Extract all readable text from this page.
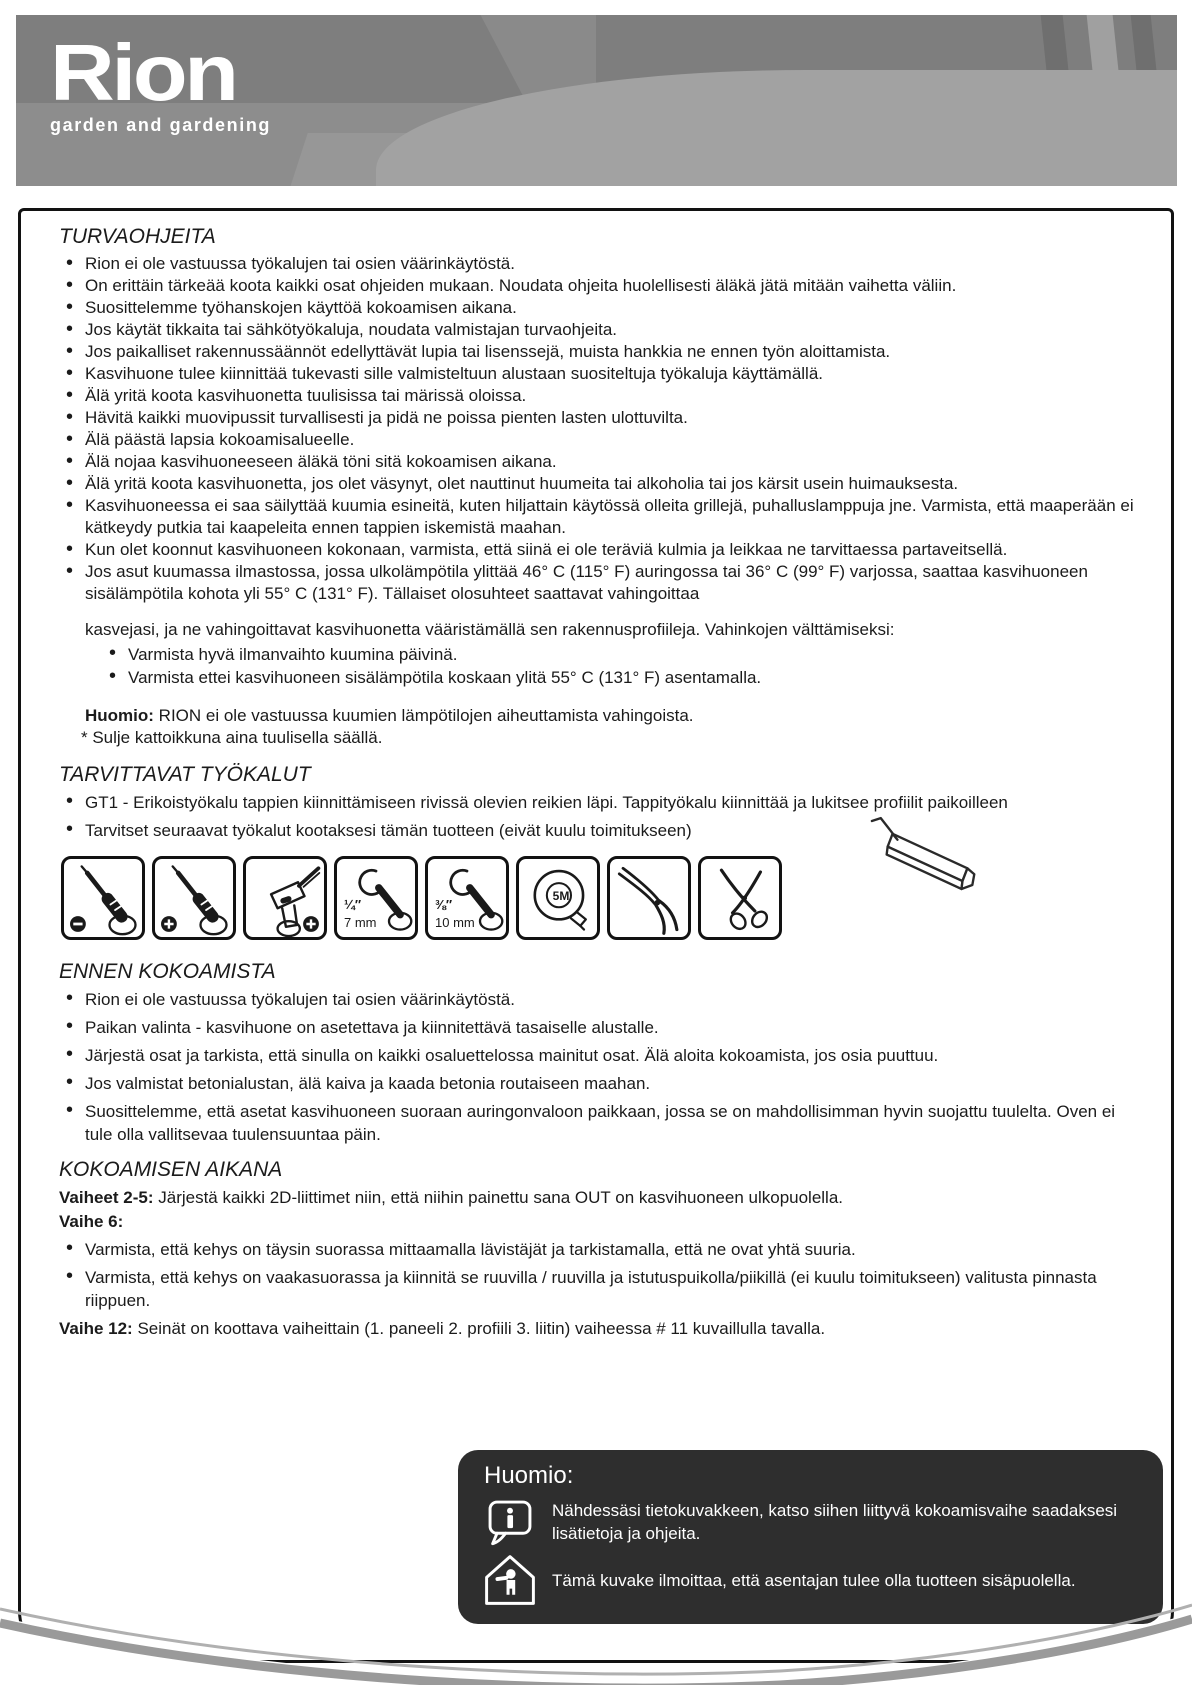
Rion
garden and gardening
TURVAOHJEITA
• Rion ei ole vastuussa työkalujen tai osien väärinkäytöstä.
• On erittäin tärkeää koota kaikki osat ohjeiden mukaan. Noudata ohjeita huolellisesti äläkä jätä mitään vaihetta väliin.
• Suosittelemme työhanskojen käyttöä kokoamisen aikana.
• Jos käytät tikkaita tai sähkötyökaluja, noudata valmistajan turvaohjeita.
• Jos paikalliset rakennussäännöt edellyttävät lupia tai lisenssejä, muista hankkia ne ennen työn aloittamista.
• Kasvihuone tulee kiinnittää tukevasti sille valmisteltuun alustaan suositeltuja työkaluja käyttämällä.
• Älä yritä koota kasvihuonetta tuulisissa tai märissä oloissa.
• Hävitä kaikki muovipussit turvallisesti ja pidä ne poissa pienten lasten ulottuvilta.
• Älä päästä lapsia kokoamisalueelle.
• Älä nojaa kasvihuoneeseen äläkä töni sitä kokoamisen aikana.
• Älä yritä koota kasvihuonetta, jos olet väsynyt, olet nauttinut huumeita tai alkoholia tai jos kärsit usein huimauksesta.
• Kasvihuoneessa ei saa säilyttää kuumia esineitä, kuten hiljattain käytössä olleita grillejä, puhalluslamppuja jne. Varmista, että maaperään ei kätkeydy putkia tai kaapeleita ennen tappien iskemistä maahan.
• Kun olet koonnut kasvihuoneen kokonaan, varmista, että siinä ei ole teräviä kulmia ja leikkaa ne tarvittaessa partaveitsellä.
• Jos asut kuumassa ilmastossa, jossa ulkolämpötila ylittää 46° C (115° F) auringossa tai 36° C (99° F) varjossa, saattaa kasvihuoneen sisälämpötila kohota yli 55° C (131° F). Tällaiset olosuhteet saattavat vahingoittaa

kasvejasi, ja ne vahingoittavat kasvihuonetta vääristämällä sen rakennusprofiileja. Vahinkojen välttämiseksi:

• Varmista hyvä ilmanvaihto kuumina päivinä.
• Varmista ettei kasvihuoneen sisälämpötila koskaan ylitä 55° C (131° F) asentamalla.

Huomio: RION ei ole vastuussa kuumien lämpötilojen aiheuttamista vahingoista.

* Sulje kattoikkuna aina tuulisella säällä.

TARVITTAVAT TYÖKALUT
• GT1 - Erikoistyökalu tappien kiinnittämiseen rivissä olevien reikien läpi. Tappityökalu kiinnittää ja lukitsee profiilit paikoilleen
• Tarvitset seuraavat työkalut kootaksesi tämän tuotteen (eivät kuulu toimitukseen)
¼″
7 mm
⅜″
10 mm
5M
ENNEN KOKOAMISTA
• Rion ei ole vastuussa työkalujen tai osien väärinkäytöstä.
• Paikan valinta - kasvihuone on asetettava ja kiinnitettävä tasaiselle alustalle.
• Järjestä osat ja tarkista, että sinulla on kaikki osaluettelossa mainitut osat. Älä aloita kokoamista, jos osia puuttuu.
• Jos valmistat betonialustan, älä kaiva ja kaada betonia routaiseen maahan.
• Suosittelemme, että asetat kasvihuoneen suoraan auringonvaloon paikkaan, jossa se on mahdollisimman hyvin suojattu tuulelta. Oven ei tule olla vallitsevaa tuulensuuntaa päin.
KOKOAMISEN AIKANA

Vaiheet 2-5: Järjestä kaikki 2D-liittimet niin, että niihin painettu sana OUT on kasvihuoneen ulkopuolella.

Vaihe 6:

• Varmista, että kehys on täysin suorassa mittaamalla lävistäjät ja tarkistamalla, että ne ovat yhtä suuria.
• Varmista, että kehys on vaakasuorassa ja kiinnitä se ruuvilla / ruuvilla ja istutuspuikolla/piikillä (ei kuulu toimitukseen) valitusta pinnasta riippuen.

Vaihe 12: Seinät on koottava vaiheittain (1. paneeli 2. profiili 3. liitin) vaiheessa # 11 kuvaillulla tavalla.

Huomio:
Nähdessäsi tietokuvakkeen, katso siihen liittyvä kokoamisvaihe saadaksesi lisätietoja ja ohjeita.
Tämä kuvake ilmoittaa, että asentajan tulee olla tuotteen sisäpuolella.
